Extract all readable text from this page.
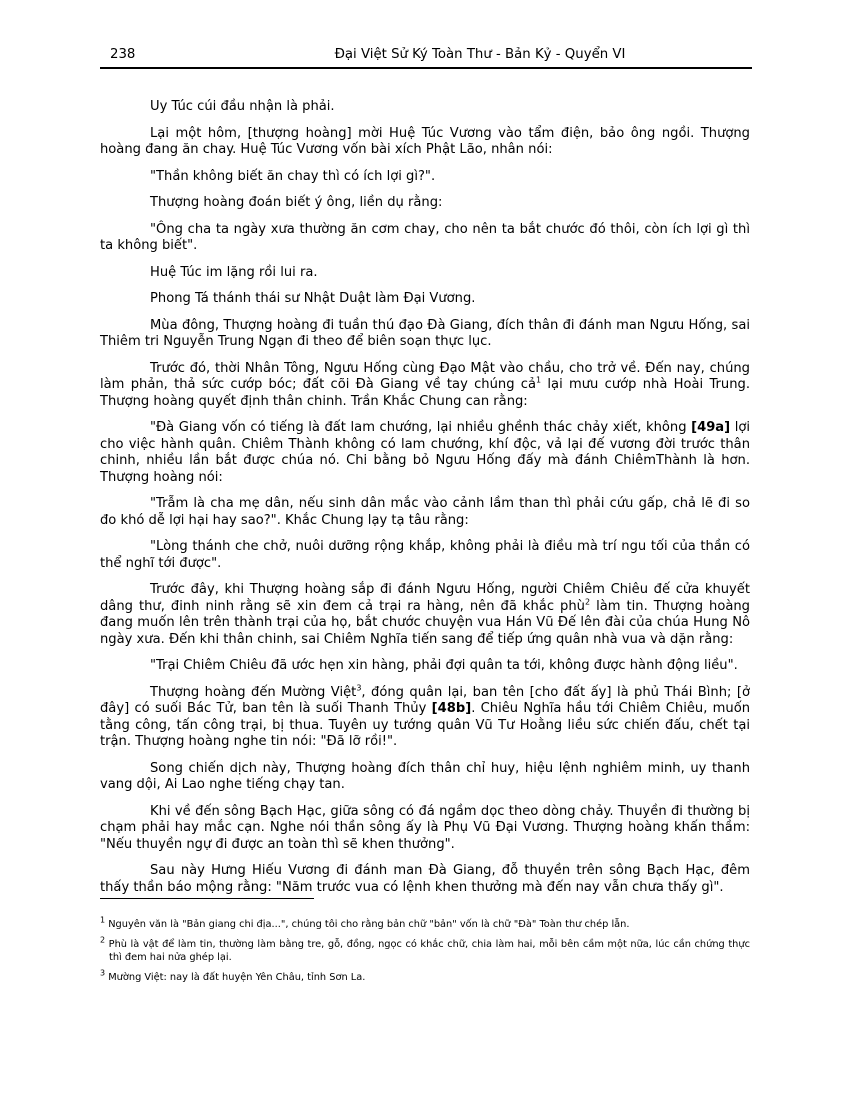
238	Đại Việt Sử Ký Toàn Thư - Bản Kỷ - Quyển VI

Uy Túc cúi đầu nhận là phải.

Lại một hôm, [thượng hoàng] mời Huệ Túc Vương vào tẩm điện, bảo ông ngồi. Thượng hoàng đang ăn chay. Huệ Túc Vương vốn bài xích Phật Lão, nhân nói:

"Thần không biết ăn chay thì có ích lợi gì?".

Thượng hoàng đoán biết ý ông, liền dụ rằng:

"Ông cha ta ngày xưa thường ăn cơm chay, cho nên ta bắt chước đó thôi, còn ích lợi gì thì ta không biết".

Huệ Túc im lặng rồi lui ra.

Phong Tá thánh thái sư Nhật Duật làm Đại Vương.

Mùa đông, Thượng hoàng đi tuần thú đạo Đà Giang, đích thân đi đánh man Ngưu Hống, sai Thiêm tri Nguyễn Trung Ngạn đi theo để biên soạn thực lục.

Trước đó, thời Nhân Tông, Ngưu Hống cùng Đạo Mật vào chầu, cho trở về. Đến nay, chúng làm phản, thả sức cướp bóc; đất cõi Đà Giang về tay chúng cả$^1$ lại mưu cướp nhà Hoài Trung. Thượng hoàng quyết định thân chinh. Trần Khắc Chung can rằng:

"Đà Giang vốn có tiếng là đất lam chướng, lại nhiều ghềnh thác chảy xiết, không [49a] lợi cho việc hành quân. Chiêm Thành không có lam chướng, khí độc, vả lại đế vương đời trước thân chinh, nhiều lần bắt được chúa nó. Chi bằng bỏ Ngưu Hống đấy mà đánh ChiêmThành là hơn. Thượng hoàng nói:

"Trẫm là cha mẹ dân, nếu sinh dân mắc vào cảnh lầm than thì phải cứu gấp, chả lẽ đi so đo khó dễ lợi hại hay sao?". Khắc Chung lạy tạ tâu rằng:

"Lòng thánh che chở, nuôi dưỡng rộng khắp, không phải là điều mà trí ngu tối của thần có thể nghĩ tới được".

Trước đây, khi Thượng hoàng sắp đi đánh Ngưu Hống, người Chiêm Chiêu đế cửa khuyết dâng thư, đinh ninh rằng sẽ xin đem cả trại ra hàng, nên đã khắc phù$^2$ làm tin. Thượng hoàng đang muốn lên trên thành trại của họ, bắt chước chuyện vua Hán Vũ Đế lên đài của chúa Hung Nô ngày xưa. Đến khi thân chinh, sai Chiêm Nghĩa tiến sang để tiếp ứng quân nhà vua và dặn rằng:

"Trại Chiêm Chiêu đã ước hẹn xin hàng, phải đợi quân ta tới, không được hành động liều".

Thượng hoàng đến Mường Việt$^3$, đóng quân lại, ban tên [cho đất ấy] là phủ Thái Bình; [ở đây] có suối Bác Tử, ban tên là suối Thanh Thủy [48b]. Chiêu Nghĩa hầu tới Chiêm Chiêu, muốn tằng công, tấn công trại, bị thua. Tuyên uy tướng quân Vũ Tư Hoằng liều sức chiến đấu, chết tại trận. Thượng hoàng nghe tin nói: "Đã lỡ rồi!".

Song chiến dịch này, Thượng hoàng đích thân chỉ huy, hiệu lệnh nghiêm minh, uy thanh vang dội, Ai Lao nghe tiếng chạy tan.

Khi về đến sông Bạch Hạc, giữa sông có đá ngầm dọc theo dòng chảy. Thuyền đi thường bị chạm phải hay mắc cạn. Nghe nói thần sông ấy là Phụ Vũ Đại Vương. Thượng hoàng khấn thầm: "Nếu thuyền ngự đi được an toàn thì sẽ khen thưởng".

Sau này Hưng Hiếu Vương đi đánh man Đà Giang, đỗ thuyền trên sông Bạch Hạc, đêm thấy thần báo mộng rằng: "Năm trước vua có lệnh khen thưởng mà đến nay vẫn chưa thấy gì".

$^1$ Nguyên văn là "Bản giang chi địa...", chúng tôi cho rằng bản chữ "bản" vốn là chữ "Đà" Toàn thư chép lẫn.

$^2$ Phù là vật để làm tin, thường làm bằng tre, gỗ, đồng, ngọc có khắc chữ, chia làm hai, mỗi bên cầm một nữa, lúc cần chứng thực thì đem hai nửa ghép lại.

$^3$ Mường Việt: nay là đất huyện Yên Châu, tỉnh Sơn La.
